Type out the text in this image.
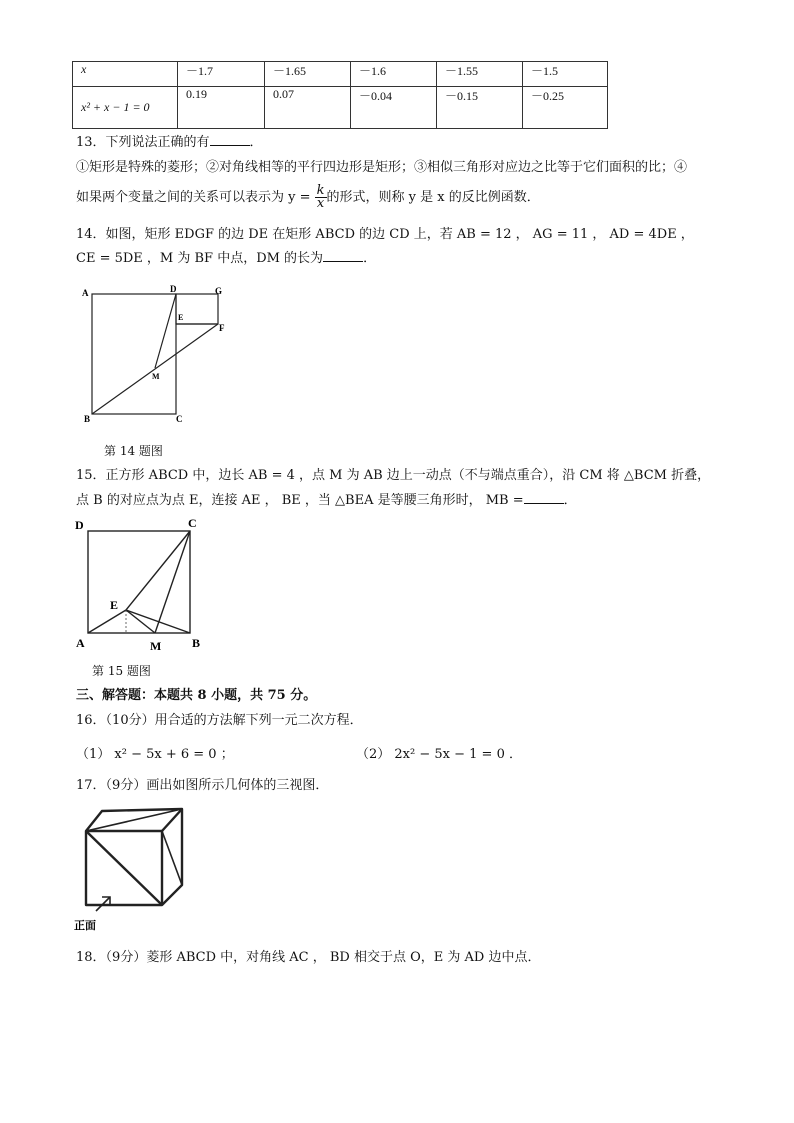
x	－1.7	－1.65	－1.6	－1.55	－1.5
x² + x − 1 = 0	0.19	0.07	－0.04	－0.15	－0.25
13．下列说法正确的有	．
①矩形是特殊的菱形；②对角线相等的平行四边形是矩形；③相似三角形对应边之比等于它们面积的比；④
如果两个变量之间的关系可以表示为 $y = \frac{k}{x}$ 的形式，则称 y 是 x 的反比例函数．
14．如图，矩形 EDGF 的边 DE 在矩形 ABCD 的边 CD 上，若 AB = 12 ， AG = 11 ， AD = 4DE ，
CE = 5DE ，M 为 BF 中点，DM 的长为	．
A	D	G
E
F
M
B	C
第 14 题图
15．正方形 ABCD 中，边长 AB = 4 ，点 M 为 AB 边上一动点（不与端点重合），沿 CM 将 △BCM 折叠，
点 B 的对应点为点 E，连接 AE ， BE ，当 △BEA 是等腰三角形时， MB =	．
D	C
E
A	M	B
第 15 题图
三、解答题：本题共 8 小题，共 75 分。
16．（10分）用合适的方法解下列一元二次方程．
（1） x² − 5x + 6 = 0 ；	（2） 2x² − 5x − 1 = 0 ．
17．（9分）画出如图所示几何体的三视图．
正面
18．（9分）菱形 ABCD 中，对角线 AC ， BD 相交于点 O，E 为 AD 边中点．
